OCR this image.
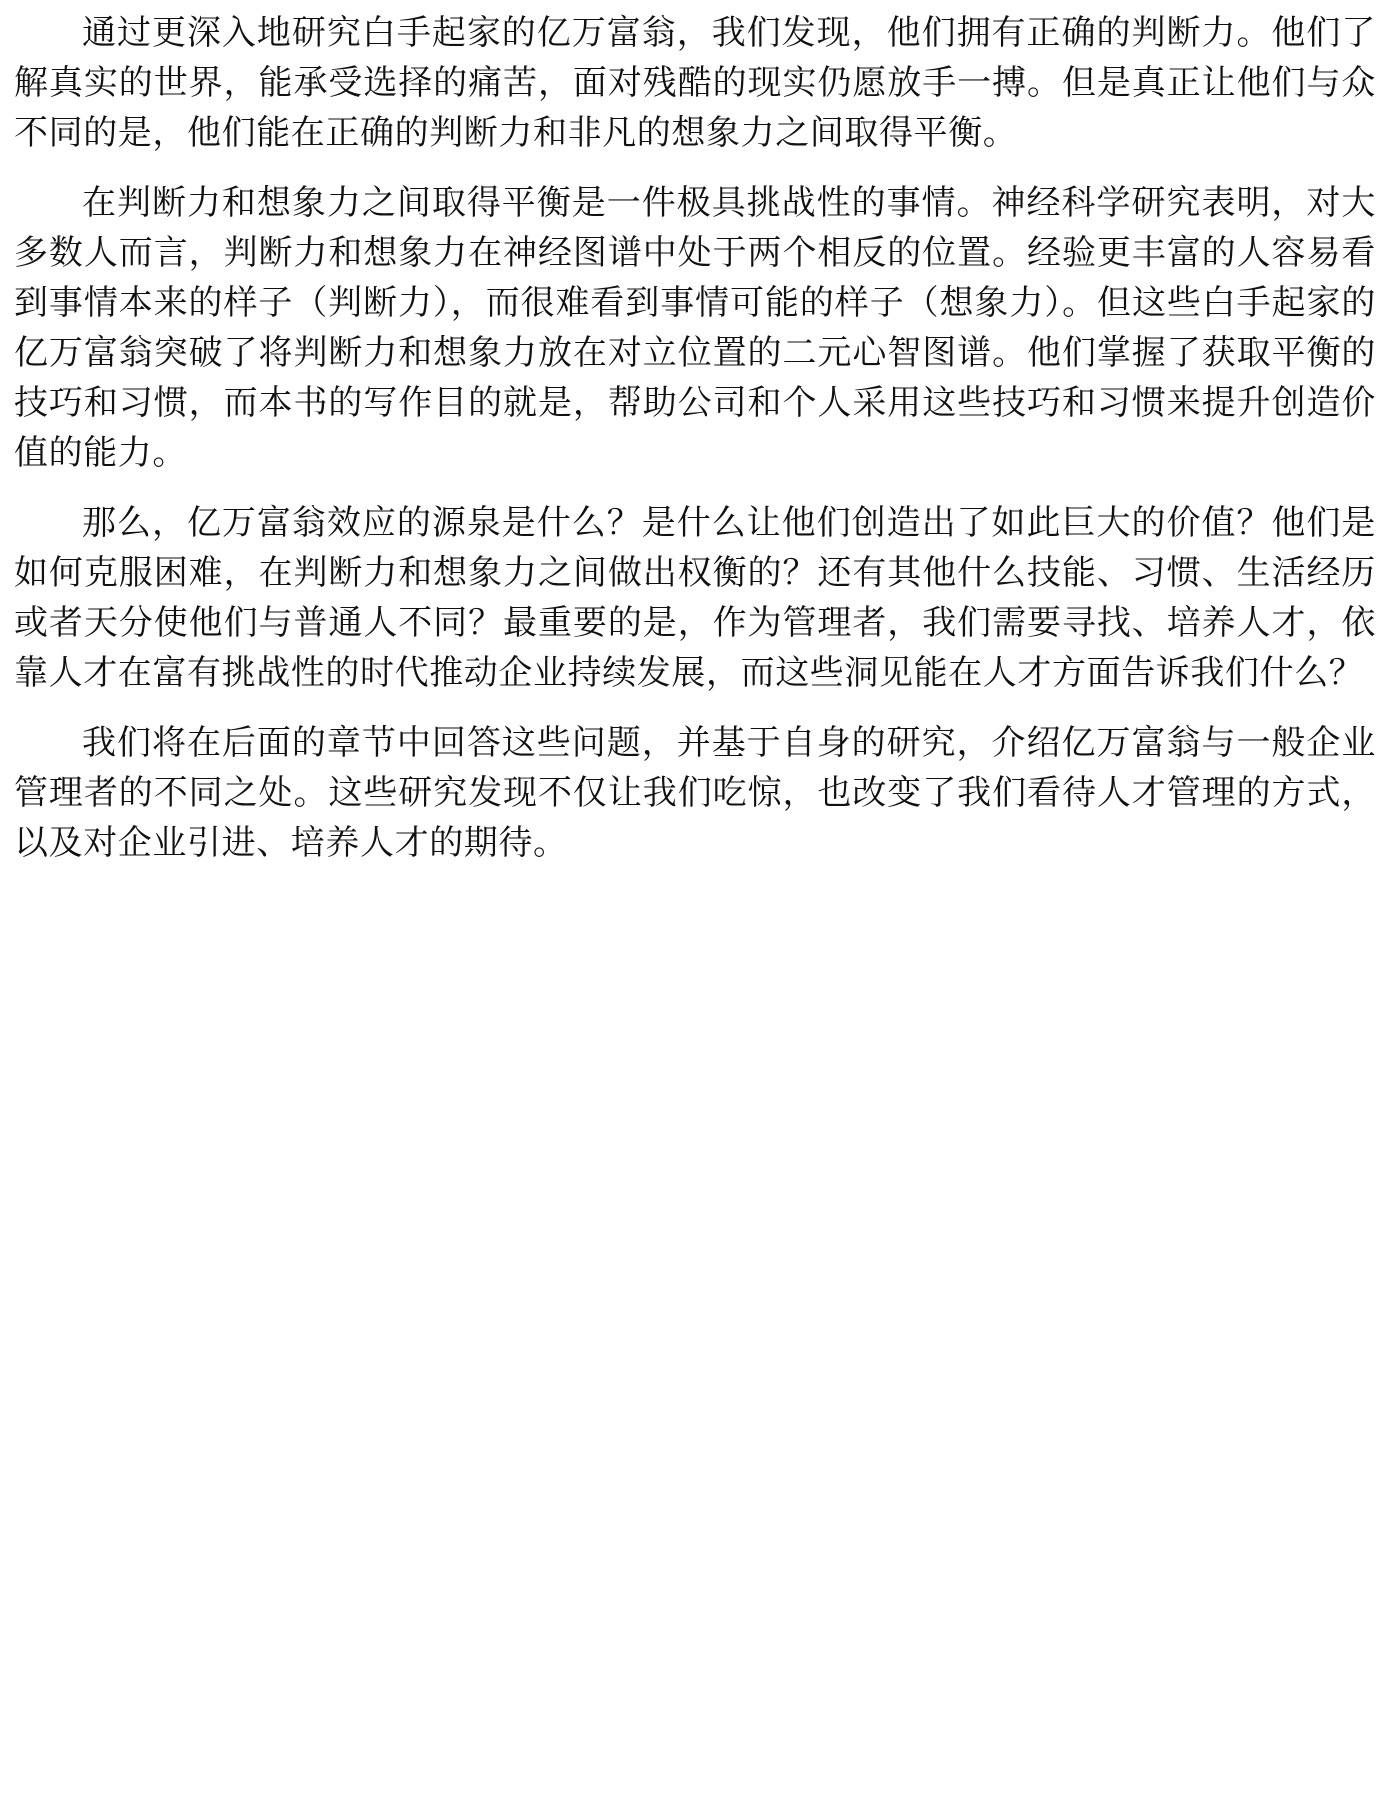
通过更深入地研究白手起家的亿万富翁，我们发现，他们拥有正确的判断力。他们了解真实的世界，能承受选择的痛苦，面对残酷的现实仍愿放手一搏。但是真正让他们与众不同的是，他们能在正确的判断力和非凡的想象力之间取得平衡。

在判断力和想象力之间取得平衡是一件极具挑战性的事情。神经科学研究表明，对大多数人而言，判断力和想象力在神经图谱中处于两个相反的位置。经验更丰富的人容易看到事情本来的样子（判断力），而很难看到事情可能的样子（想象力）。但这些白手起家的亿万富翁突破了将判断力和想象力放在对立位置的二元心智图谱。他们掌握了获取平衡的技巧和习惯，而本书的写作目的就是，帮助公司和个人采用这些技巧和习惯来提升创造价值的能力。

那么，亿万富翁效应的源泉是什么？是什么让他们创造出了如此巨大的价值？他们是如何克服困难，在判断力和想象力之间做出权衡的？还有其他什么技能、习惯、生活经历或者天分使他们与普通人不同？最重要的是，作为管理者，我们需要寻找、培养人才，依靠人才在富有挑战性的时代推动企业持续发展，而这些洞见能在人才方面告诉我们什么？

我们将在后面的章节中回答这些问题，并基于自身的研究，介绍亿万富翁与一般企业管理者的不同之处。这些研究发现不仅让我们吃惊，也改变了我们看待人才管理的方式，以及对企业引进、培养人才的期待。
